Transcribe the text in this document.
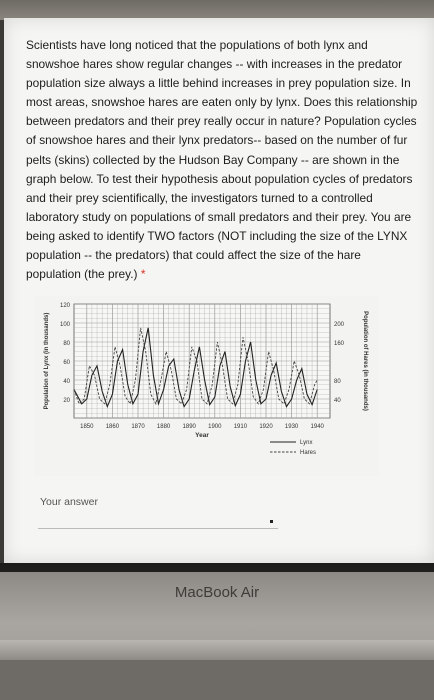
Scientists have long noticed that the populations of both lynx and
snowshoe hares show regular changes -- with increases in the predator
population size always a little behind increases in prey population size. In
most areas, snowshoe hares are eaten only by lynx. Does this relationship
between predators and their prey really occur in nature? Population cycles
of snowshoe hares and their lynx predators-- based on the number of fur
pelts (skins) collected by the Hudson Bay Company -- are shown in the
graph below. To test their hypothesis about population cycles of predators
and their prey scientifically, the investigators turned to a controlled
laboratory study on populations of small predators and their prey. You are
being asked to identify TWO factors (NOT including the size of the LYNX
population -- the predators) that could affect the size of the hare
population (the prey.) *

20
40
60
80
100
120
40
80
160
200
1850 1860 1870 1880 1890 1900 1910 1920 1930 1940
Year
Population of Lynx (in thousands)	Population of Hares (in thousands)
Lynx
Hares
Your answer
MacBook Air
